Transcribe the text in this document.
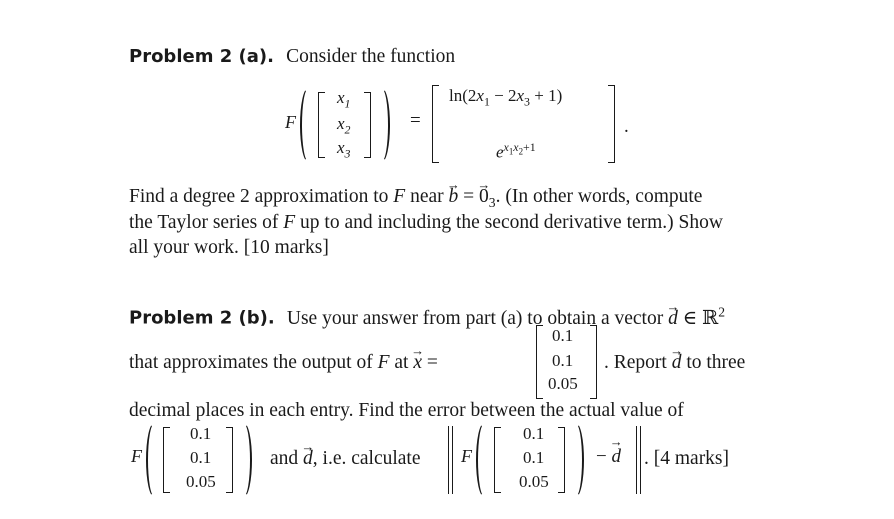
Problem 2 (a). Consider the function
F
$x_1$
$x_2$
$x_3$
=
$\ln(2x_1 - 2x_3 + 1)$
$e^{x_1x_2+1}$
.
Find a degree 2 approximation to F near → b = → $0_3$. (In other words, compute
the Taylor series of F up to and including the second derivative term.) Show
all your work. [10 marks]
Problem 2 (b). Use your answer from part (a) to obtain a vector → d ∈ ℝ$^2$
that approximates the output of F at → x =
0.1
0.1
0.05
. Report → d to three
decimal places in each entry. Find the error between the actual value of
F
0.1
0.1
0.05
and → d, i.e. calculate F
0.1
0.1
0.05
− → d . [4 marks]
